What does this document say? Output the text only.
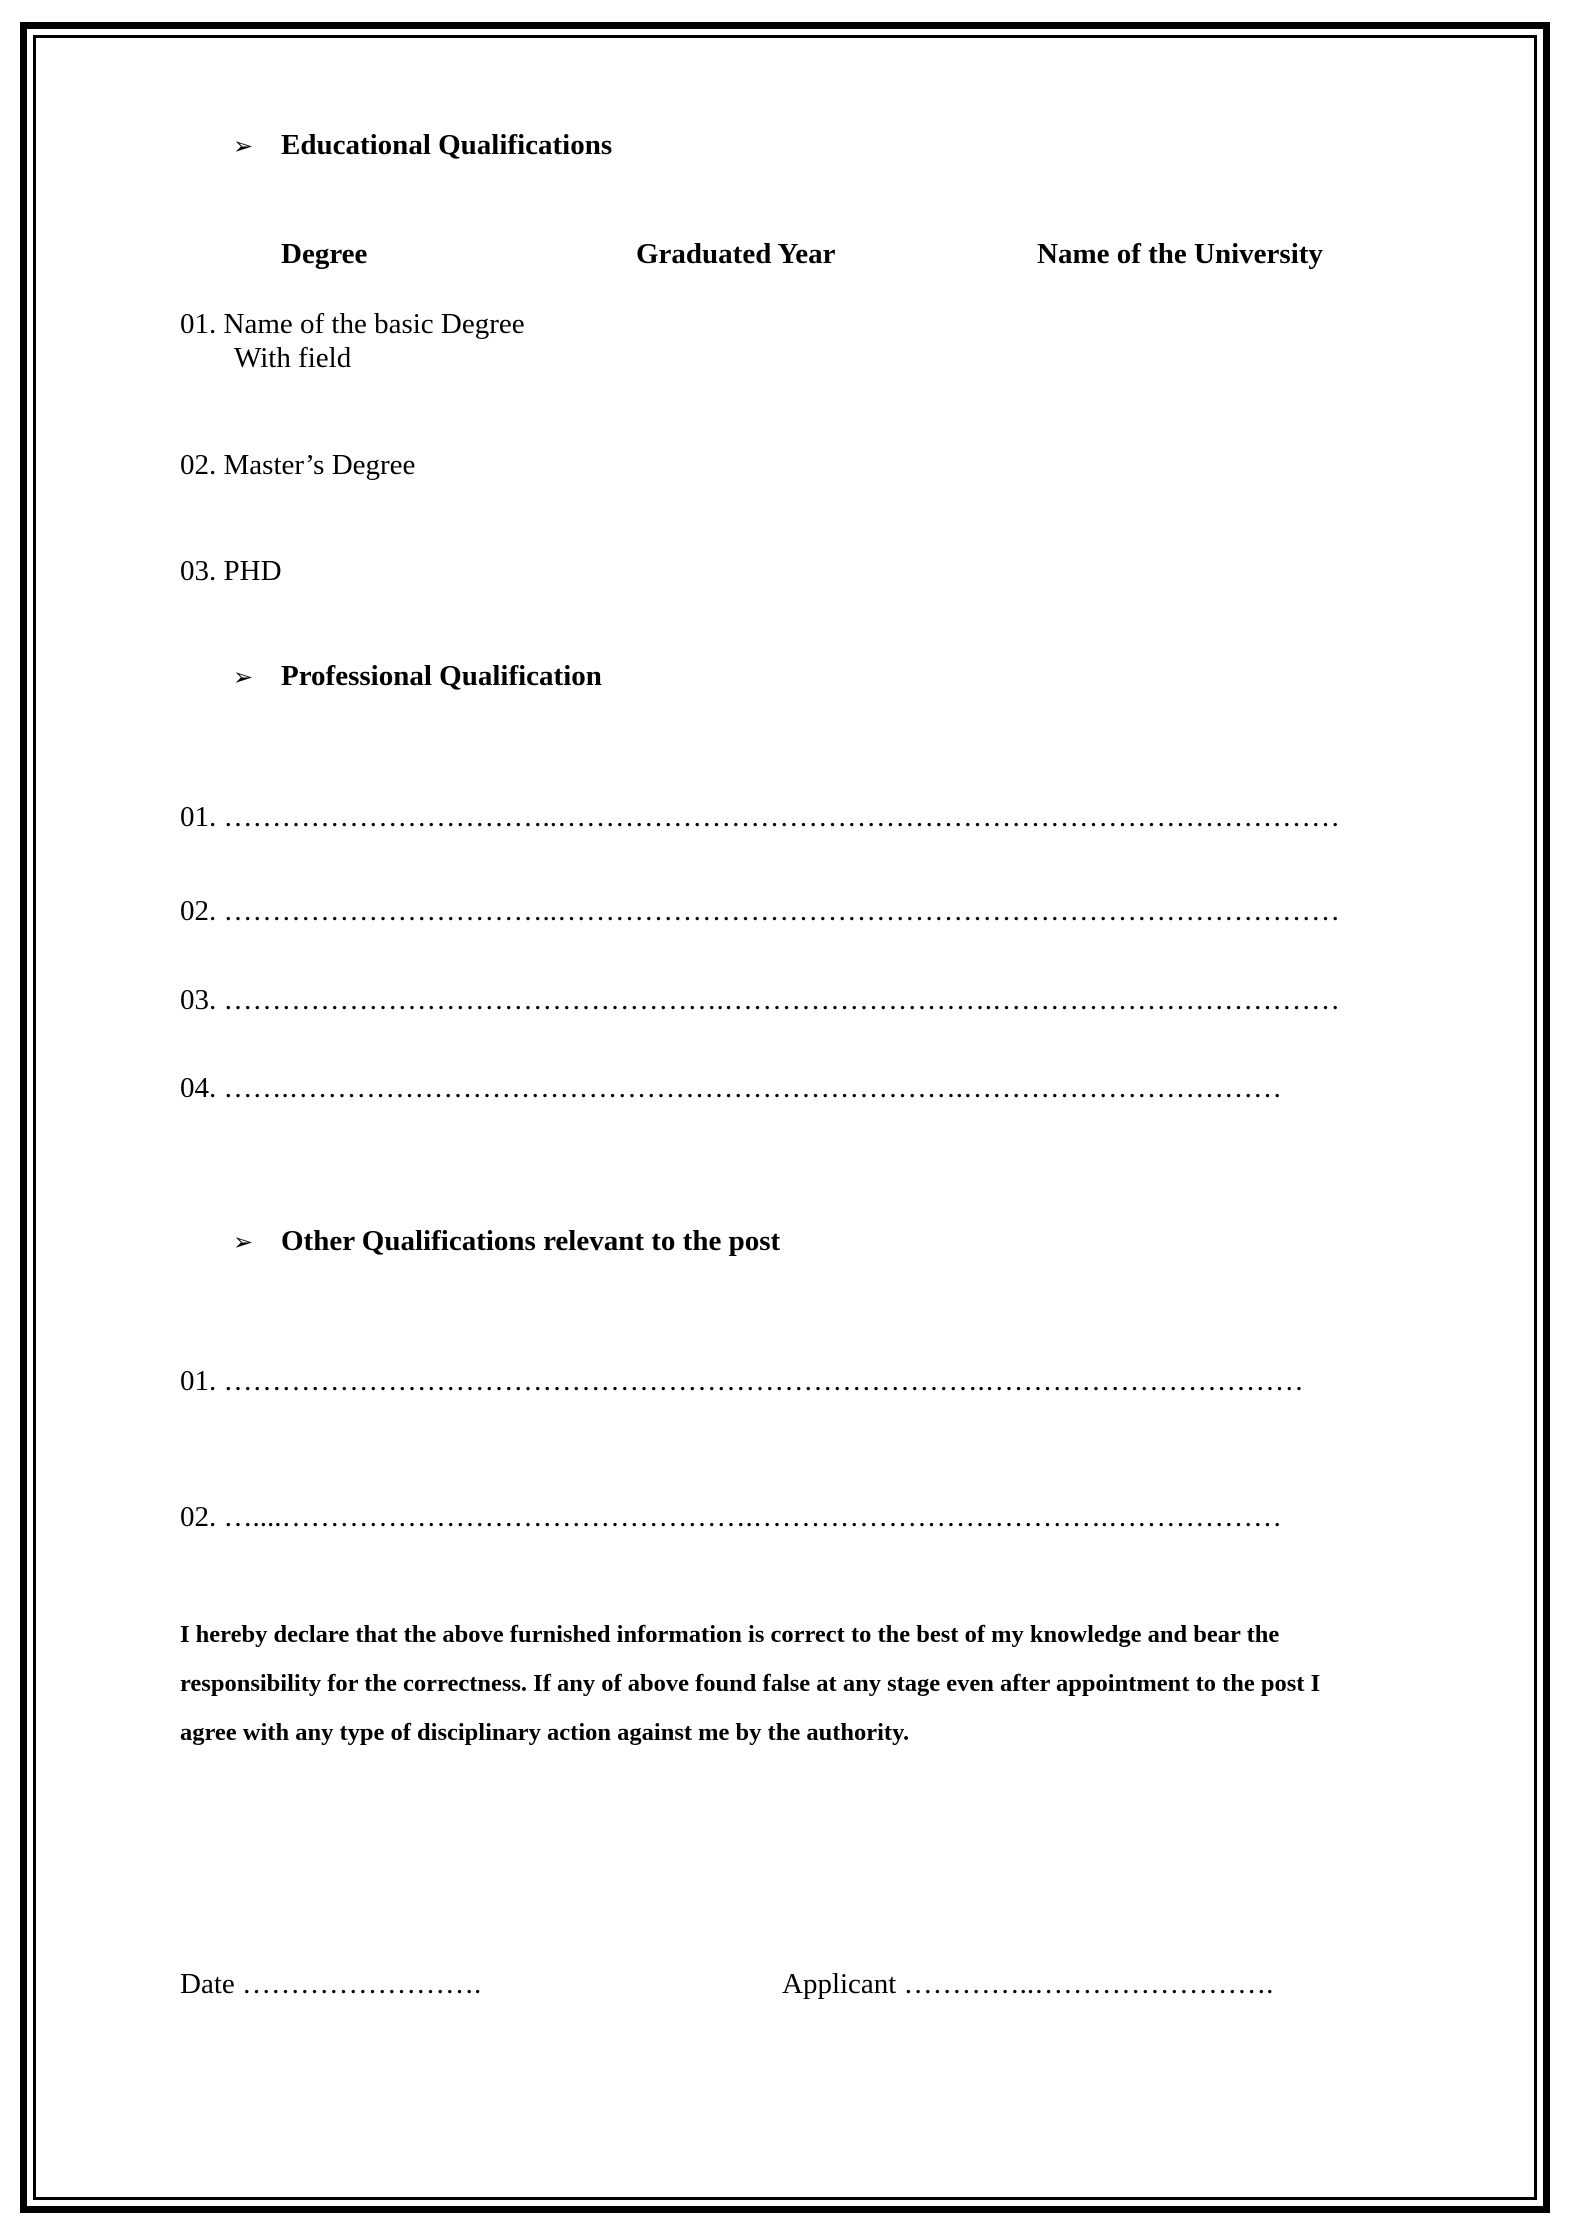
➢ Educational Qualifications
Degree	Graduated Year	Name of the University
01. Name of the basic Degree
With field
02. Master’s Degree
03. PHD
➢ Professional Qualification
01. ……………………………..………………………………………………………………………
02. ……………………………..………………………………………………………………………
03. …………………………………………….……………………….………………………………
04. …….…………………………………………………………….……………………………
➢ Other Qualifications relevant to the post
01. …………………………………………………………………….……………………………
02. …....………………………………………….……………………………….………………
I hereby declare that the above furnished information is correct to the best of my knowledge and bear the responsibility for the correctness. If any of above found false at any stage even after appointment to the post I agree with any type of disciplinary action against me by the authority.
Date …………………….	Applicant …………..…………………….
